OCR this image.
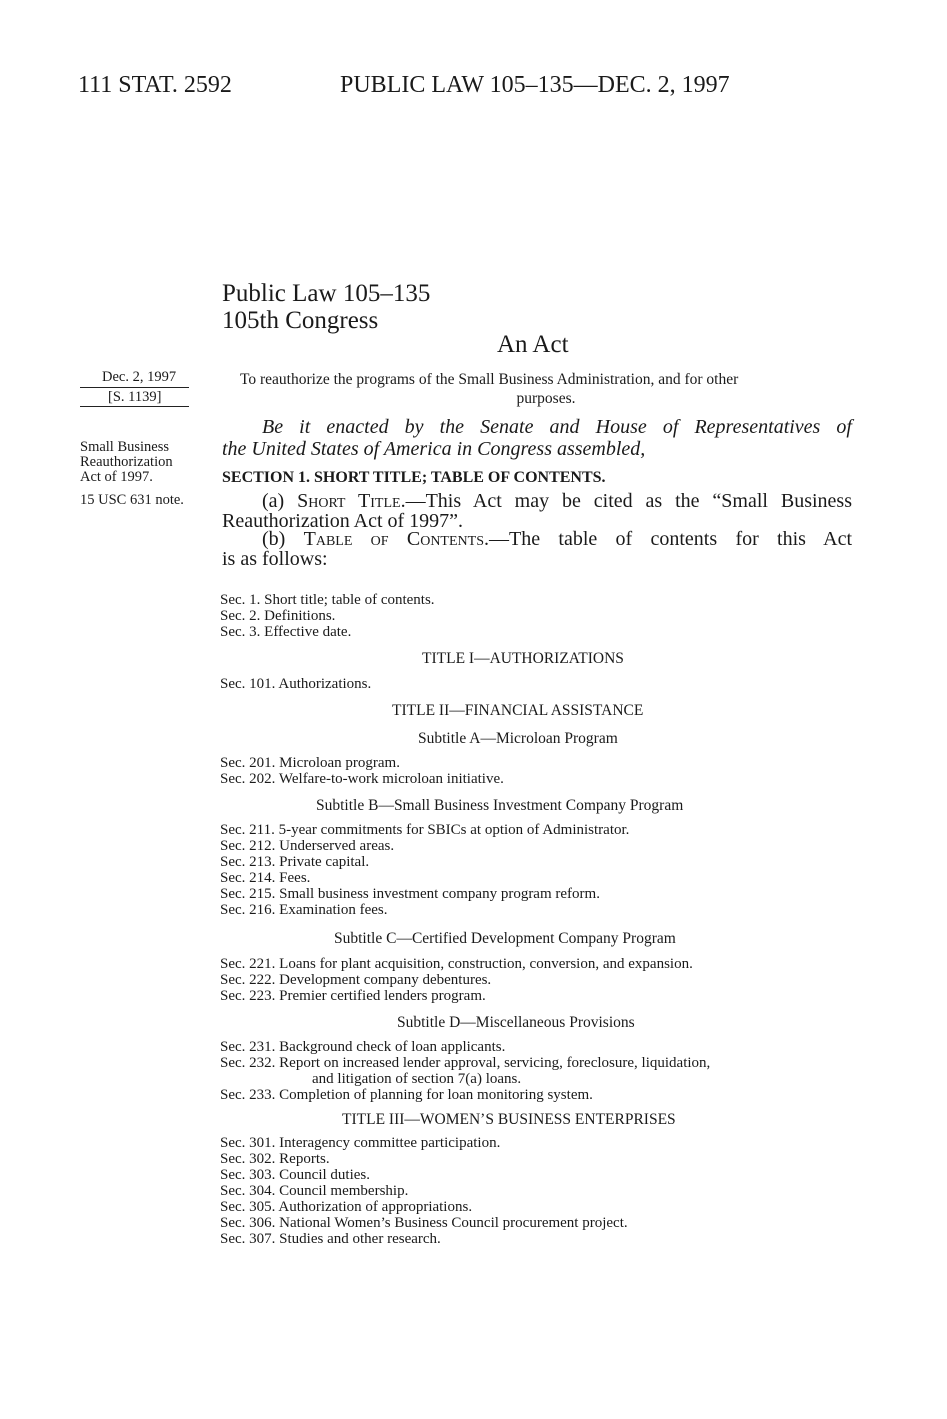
111 STAT. 2592	PUBLIC LAW 105–135—DEC. 2, 1997
Public Law 105–135
105th Congress
An Act
Dec. 2, 1997
[S. 1139]
Small Business
Reauthorization
Act of 1997.
15 USC 631 note.
To reauthorize the programs of the Small Business Administration, and for other
purposes.
Be it enacted by the Senate and House of Representatives of
the United States of America in Congress assembled,
SECTION 1. SHORT TITLE; TABLE OF CONTENTS.
(a) Short Title.—This Act may be cited as the “Small Business
Reauthorization Act of 1997”.
(b) Table of Contents.—The table of contents for this Act
is as follows:
Sec. 1. Short title; table of contents.
Sec. 2. Definitions.
Sec. 3. Effective date.
TITLE I—AUTHORIZATIONS
Sec. 101. Authorizations.
TITLE II—FINANCIAL ASSISTANCE
Subtitle A—Microloan Program
Sec. 201. Microloan program.
Sec. 202. Welfare-to-work microloan initiative.
Subtitle B—Small Business Investment Company Program
Sec. 211. 5-year commitments for SBICs at option of Administrator.
Sec. 212. Underserved areas.
Sec. 213. Private capital.
Sec. 214. Fees.
Sec. 215. Small business investment company program reform.
Sec. 216. Examination fees.
Subtitle C—Certified Development Company Program
Sec. 221. Loans for plant acquisition, construction, conversion, and expansion.
Sec. 222. Development company debentures.
Sec. 223. Premier certified lenders program.
Subtitle D—Miscellaneous Provisions
Sec. 231. Background check of loan applicants.
Sec. 232. Report on increased lender approval, servicing, foreclosure, liquidation,
and litigation of section 7(a) loans.
Sec. 233. Completion of planning for loan monitoring system.
TITLE III—WOMEN’S BUSINESS ENTERPRISES
Sec. 301. Interagency committee participation.
Sec. 302. Reports.
Sec. 303. Council duties.
Sec. 304. Council membership.
Sec. 305. Authorization of appropriations.
Sec. 306. National Women’s Business Council procurement project.
Sec. 307. Studies and other research.
